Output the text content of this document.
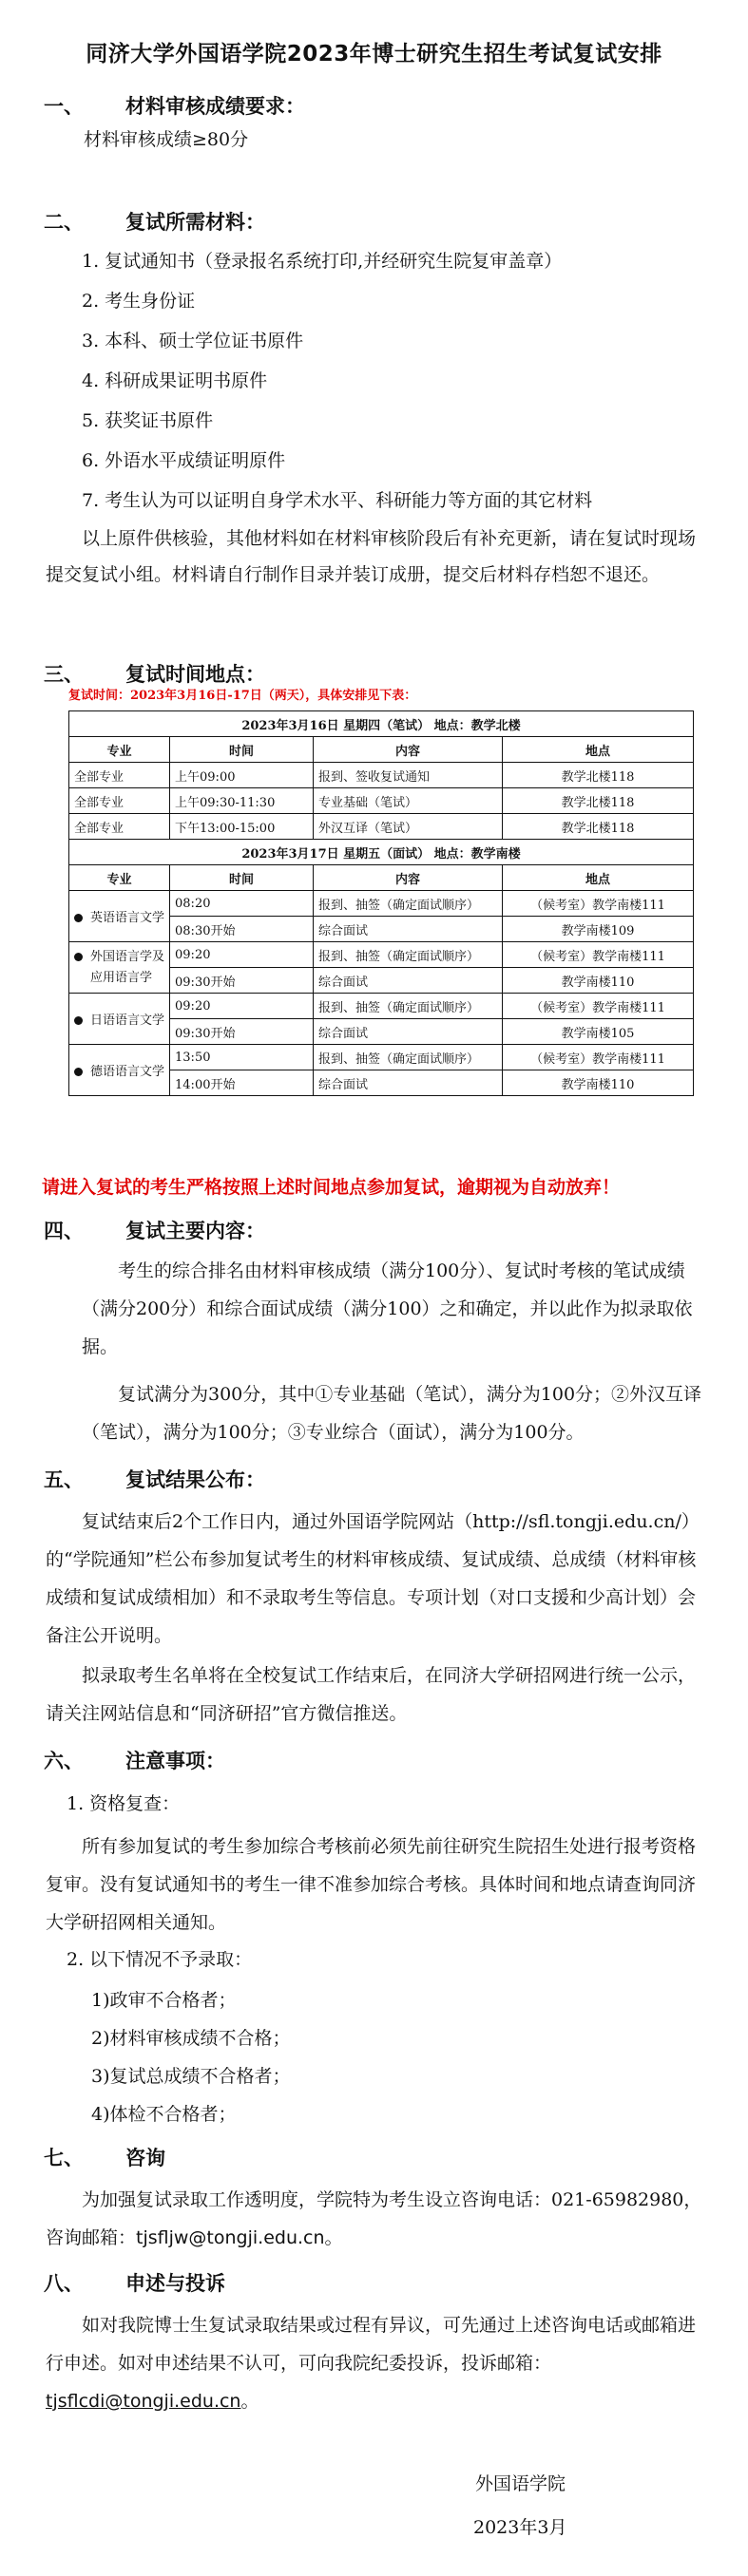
同济大学外国语学院2023年博士研究生招生考试复试安排
一、 材料审核成绩要求：
材料审核成绩≥80分
二、 复试所需材料：
1. 复试通知书（登录报名系统打印,并经研究生院复审盖章）
2. 考生身份证
3. 本科、硕士学位证书原件
4. 科研成果证明书原件
5. 获奖证书原件
6. 外语水平成绩证明原件
7. 考生认为可以证明自身学术水平、科研能力等方面的其它材料
以上原件供核验，其他材料如在材料审核阶段后有补充更新，请在复试时现场提交复试小组。材料请自行制作目录并装订成册，提交后材料存档恕不退还。
三、 复试时间地点：
复试时间：2023年3月16日-17日（两天），具体安排见下表：
2023年3月16日 星期四（笔试） 地点：教学北楼			
专业	时间	内容	地点
全部专业	上午09:00	报到、签收复试通知	教学北楼118
全部专业	上午09:30-11:30	专业基础（笔试）	教学北楼118
全部专业	下午13:00-15:00	外汉互译（笔试）	教学北楼118
2023年3月17日 星期五（面试） 地点：教学南楼			
专业	时间	内容	地点
英语语言文学	08:20	报到、抽签（确定面试顺序）	（候考室）教学南楼111
	08:30开始	综合面试	教学南楼109
外国语言学及
应用语言学	09:20	报到、抽签（确定面试顺序）	（候考室）教学南楼111
	09:30开始	综合面试	教学南楼110
日语语言文学	09:20	报到、抽签（确定面试顺序）	（候考室）教学南楼111
	09:30开始	综合面试	教学南楼105
德语语言文学	13:50	报到、抽签（确定面试顺序）	（候考室）教学南楼111
	14:00开始	综合面试	教学南楼110
请进入复试的考生严格按照上述时间地点参加复试，逾期视为自动放弃！
四、 复试主要内容：
考生的综合排名由材料审核成绩（满分100分）、复试时考核的笔试成绩（满分200分）和综合面试成绩（满分100）之和确定，并以此作为拟录取依据。
复试满分为300分，其中①专业基础（笔试），满分为100分；②外汉互译（笔试），满分为100分；③专业综合（面试），满分为100分。
五、 复试结果公布：
复试结束后2个工作日内，通过外国语学院网站（http://sfl.tongji.edu.cn/）的“学院通知”栏公布参加复试考生的材料审核成绩、复试成绩、总成绩（材料审核成绩和复试成绩相加）和不录取考生等信息。专项计划（对口支援和少高计划）会备注公开说明。
拟录取考生名单将在全校复试工作结束后，在同济大学研招网进行统一公示，请关注网站信息和“同济研招”官方微信推送。
六、 注意事项：
1. 资格复查：
所有参加复试的考生参加综合考核前必须先前往研究生院招生处进行报考资格复审。没有复试通知书的考生一律不准参加综合考核。具体时间和地点请查询同济大学研招网相关通知。
2. 以下情况不予录取：
1)政审不合格者；
2)材料审核成绩不合格；
3)复试总成绩不合格者；
4)体检不合格者；
七、 咨询
为加强复试录取工作透明度，学院特为考生设立咨询电话：021-65982980，咨询邮箱：tjsfljw@tongji.edu.cn。
八、 申述与投诉
如对我院博士生复试录取结果或过程有异议，可先通过上述咨询电话或邮箱进行申述。如对申述结果不认可，可向我院纪委投诉，投诉邮箱：tjsflcdi@tongji.edu.cn。
外国语学院
2023年3月
